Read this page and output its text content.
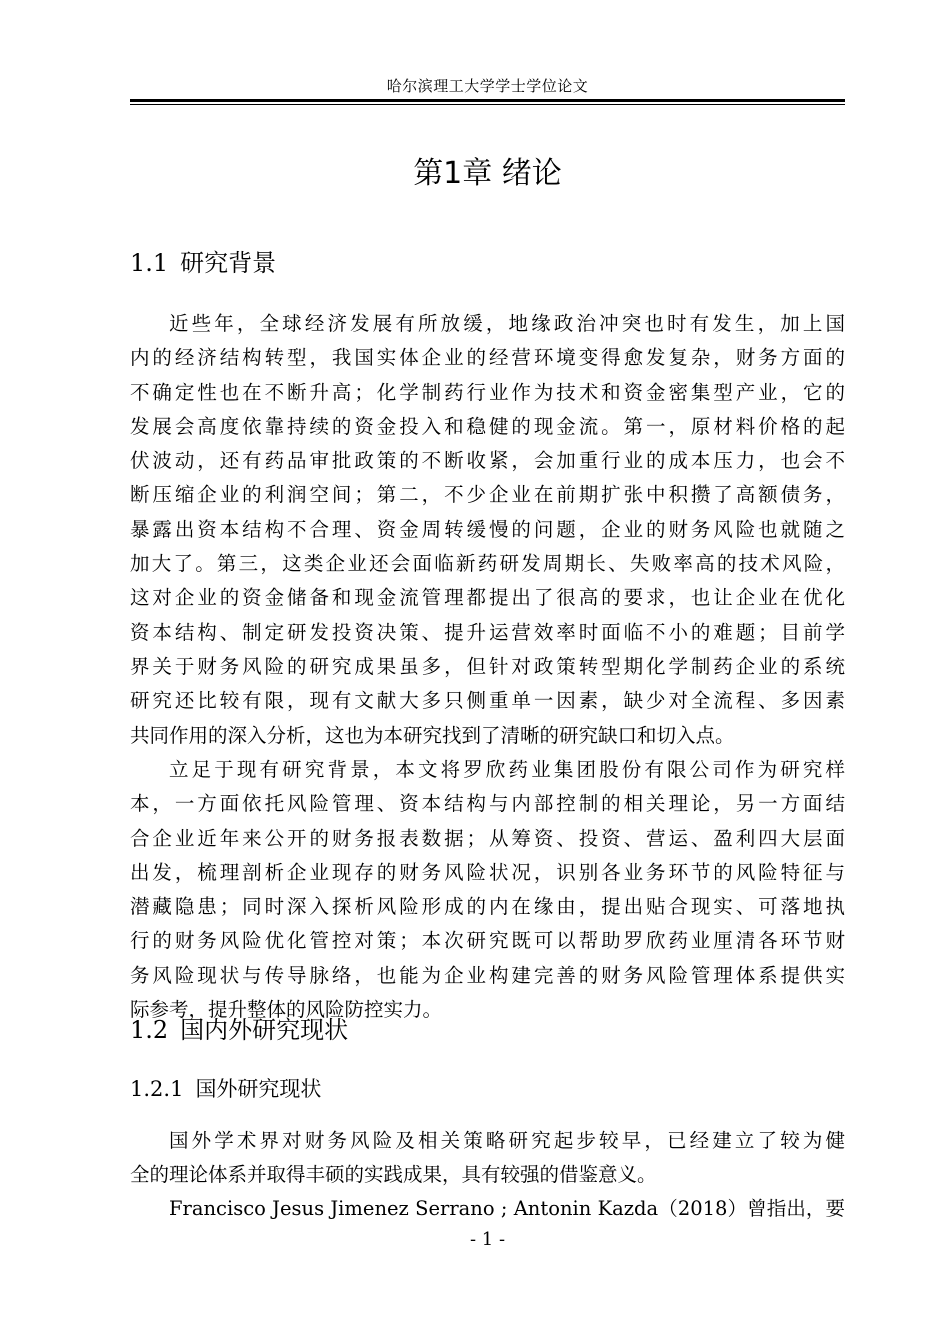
哈尔滨理工大学学士学位论文
第1章 绪论
1.1 研究背景
近些年，全球经济发展有所放缓，地缘政治冲突也时有发生，加上国
内的经济结构转型，我国实体企业的经营环境变得愈发复杂，财务方面的
不确定性也在不断升高；化学制药行业作为技术和资金密集型产业，它的
发展会高度依靠持续的资金投入和稳健的现金流。第一，原材料价格的起
伏波动，还有药品审批政策的不断收紧，会加重行业的成本压力，也会不
断压缩企业的利润空间；第二，不少企业在前期扩张中积攒了高额债务，
暴露出资本结构不合理、资金周转缓慢的问题，企业的财务风险也就随之
加大了。第三，这类企业还会面临新药研发周期长、失败率高的技术风险，
这对企业的资金储备和现金流管理都提出了很高的要求，也让企业在优化
资本结构、制定研发投资决策、提升运营效率时面临不小的难题；目前学
界关于财务风险的研究成果虽多，但针对政策转型期化学制药企业的系统
研究还比较有限，现有文献大多只侧重单一因素，缺少对全流程、多因素
共同作用的深入分析，这也为本研究找到了清晰的研究缺口和切入点。
立足于现有研究背景，本文将罗欣药业集团股份有限公司作为研究样
本，一方面依托风险管理、资本结构与内部控制的相关理论，另一方面结
合企业近年来公开的财务报表数据；从筹资、投资、营运、盈利四大层面
出发，梳理剖析企业现存的财务风险状况，识别各业务环节的风险特征与
潜藏隐患；同时深入探析风险形成的内在缘由，提出贴合现实、可落地执
行的财务风险优化管控对策；本次研究既可以帮助罗欣药业厘清各环节财
务风险现状与传导脉络，也能为企业构建完善的财务风险管理体系提供实
际参考，提升整体的风险防控实力。
1.2 国内外研究现状
1.2.1 国外研究现状
国外学术界对财务风险及相关策略研究起步较早，已经建立了较为健
全的理论体系并取得丰硕的实践成果，具有较强的借鉴意义。
Francisco Jesus Jimenez Serrano ; Antonin Kazda（2018）曾指出，要
- 1 -
